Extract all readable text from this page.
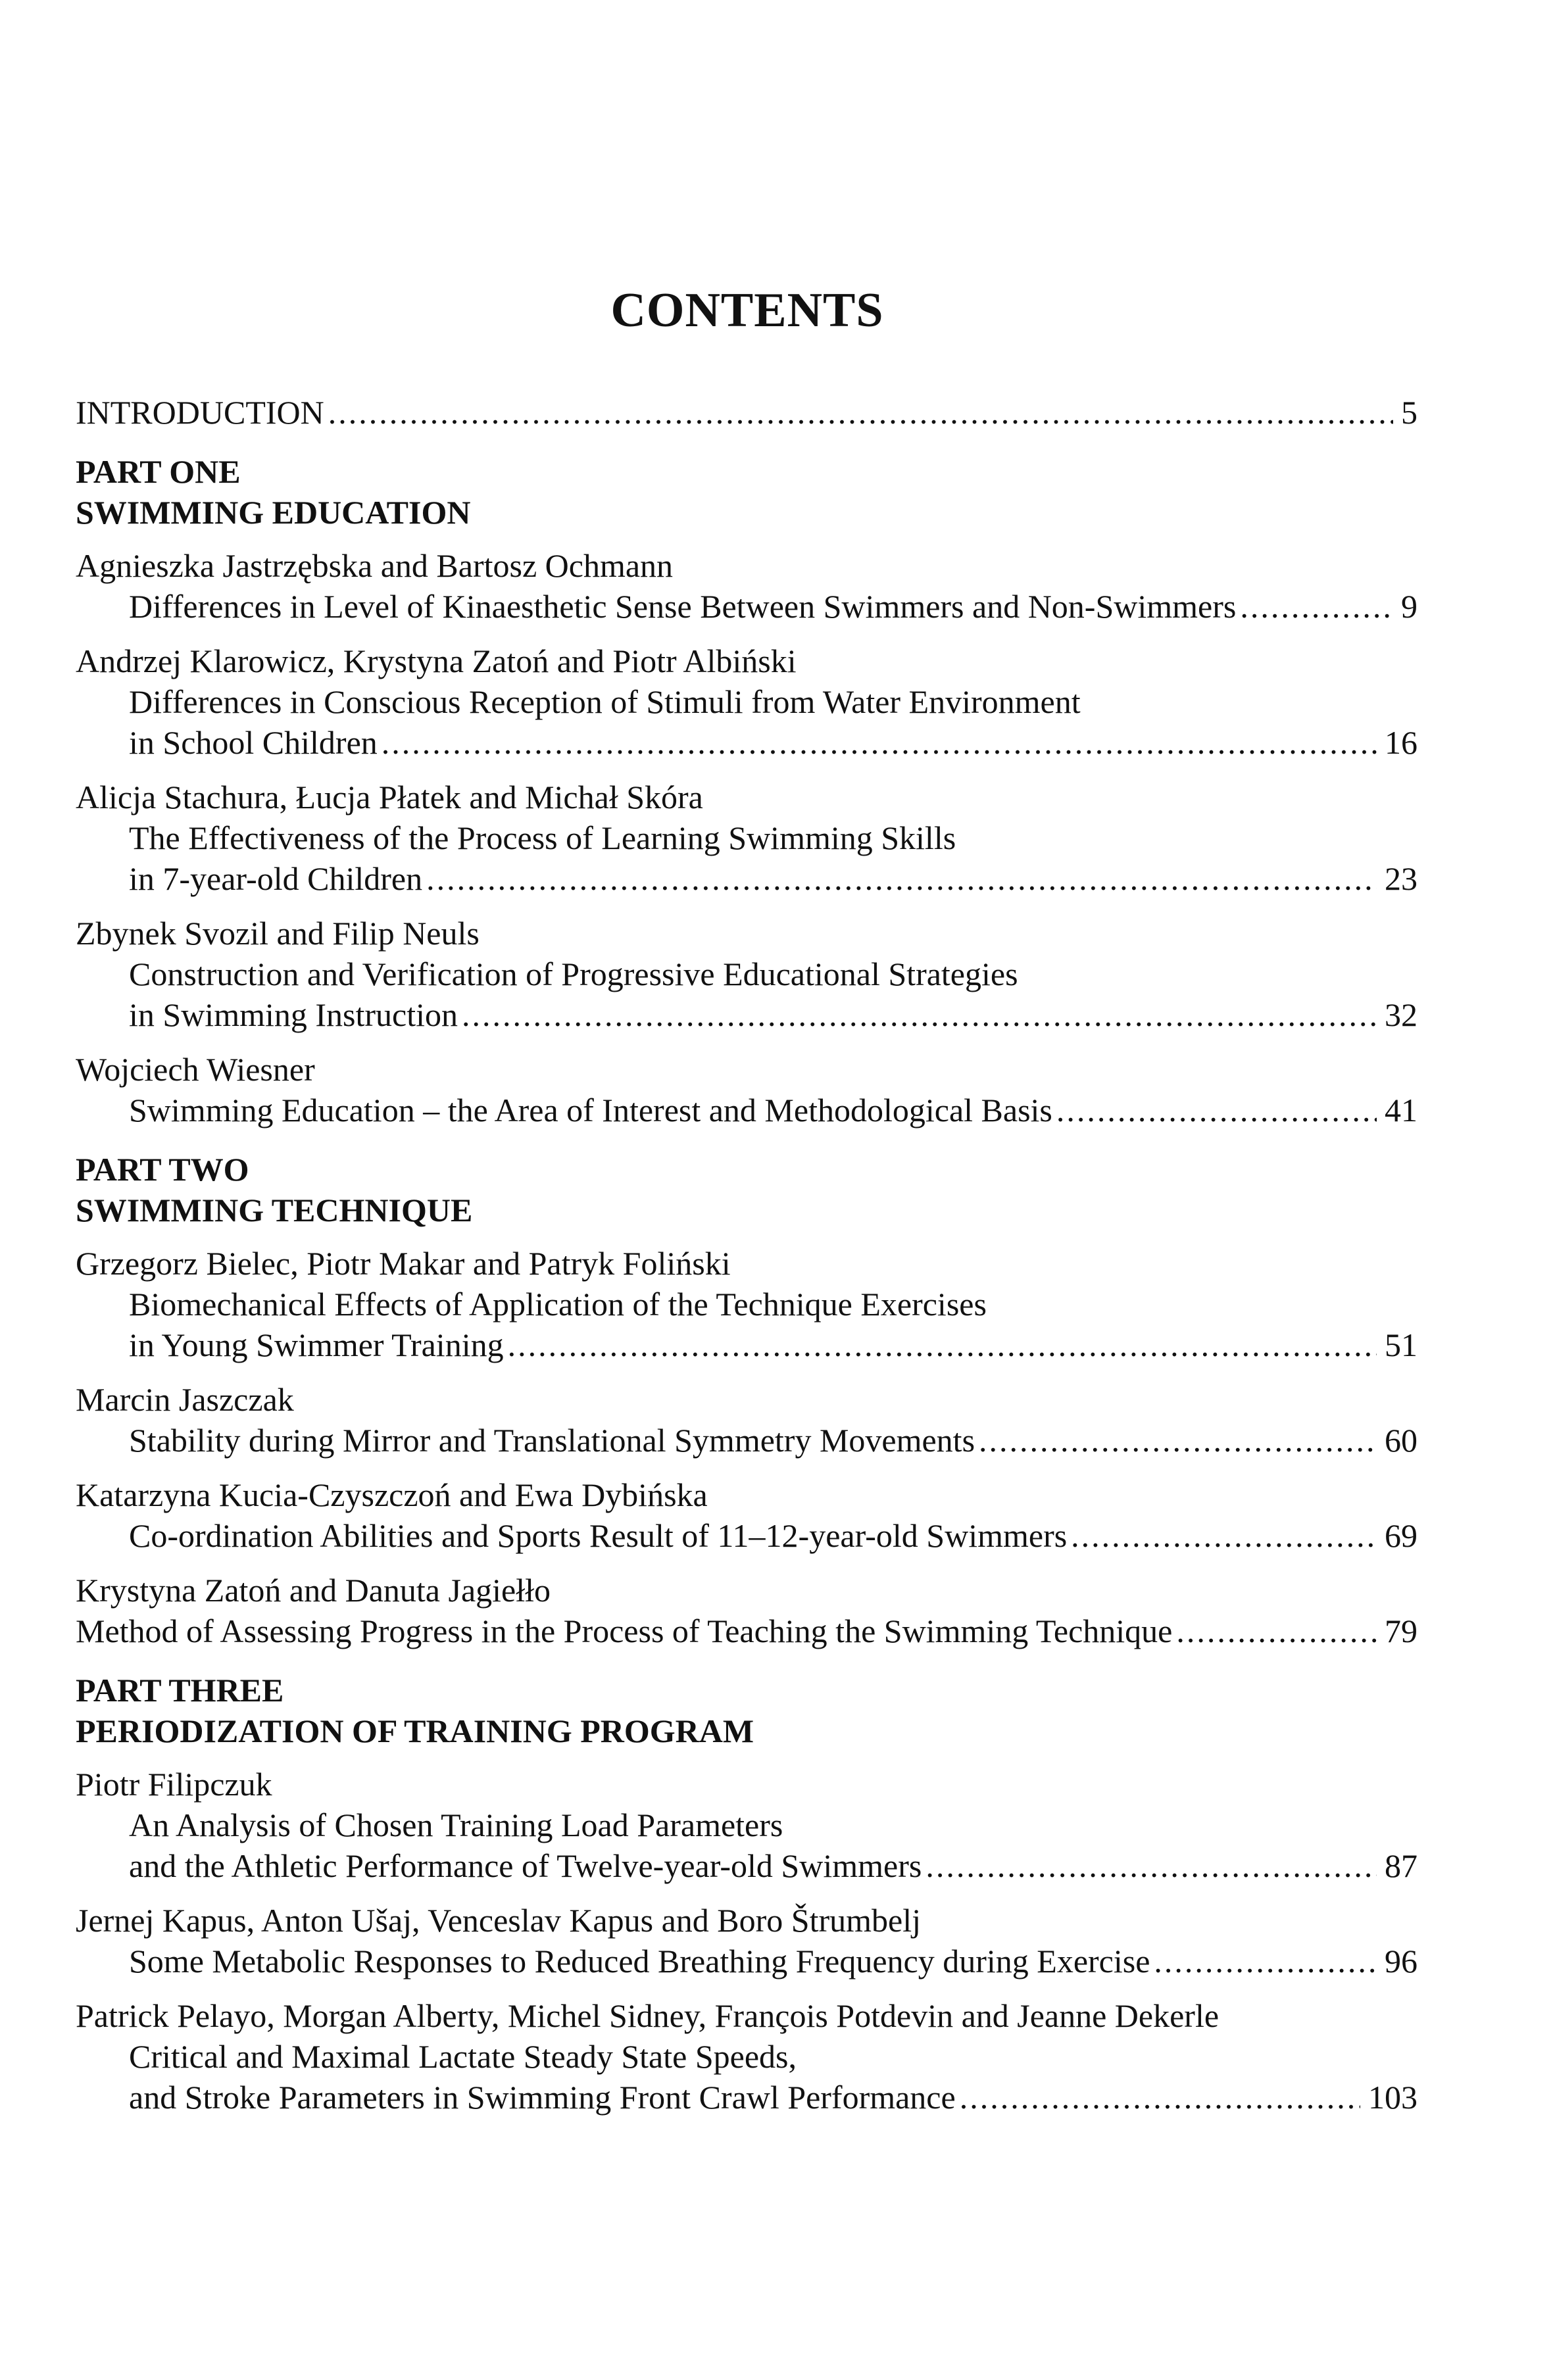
CONTENTS
INTRODUCTION .....	5
PART ONE
SWIMMING EDUCATION
Agnieszka Jastrzębska and Bartosz Ochmann
Differences in Level of Kinaesthetic Sense Between Swimmers and Non-Swimmers .....	9
Andrzej Klarowicz, Krystyna Zatoń and Piotr Albiński
Differences in Conscious Reception of Stimuli from Water Environment
in School Children .....	16
Alicja Stachura, Łucja Płatek and Michał Skóra
The Effectiveness of the Process of Learning Swimming Skills
in 7-year-old Children .....	23
Zbynek Svozil and Filip Neuls
Construction and Verification of Progressive Educational Strategies
in Swimming Instruction .....	32
Wojciech Wiesner
Swimming Education – the Area of Interest and Methodological Basis .....	41
PART TWO
SWIMMING TECHNIQUE
Grzegorz Bielec, Piotr Makar and Patryk Foliński
Biomechanical Effects of Application of the Technique Exercises
in Young Swimmer Training .....	51
Marcin Jaszczak
Stability during Mirror and Translational Symmetry Movements .....	60
Katarzyna Kucia-Czyszczoń and Ewa Dybińska
Co-ordination Abilities and Sports Result of 11–12-year-old Swimmers .....	69
Krystyna Zatoń and Danuta Jagiełło
Method of Assessing Progress in the Process of Teaching the Swimming Technique .....	79
PART THREE
PERIODIZATION OF TRAINING PROGRAM
Piotr Filipczuk
An Analysis of Chosen Training Load Parameters
and the Athletic Performance of Twelve-year-old Swimmers .....	87
Jernej Kapus, Anton Ušaj, Venceslav Kapus and Boro Štrumbelj
Some Metabolic Responses to Reduced Breathing Frequency during Exercise .....	96
Patrick Pelayo, Morgan Alberty, Michel Sidney, François Potdevin and Jeanne Dekerle
Critical and Maximal Lactate Steady State Speeds,
and Stroke Parameters in Swimming Front Crawl Performance .....	103
